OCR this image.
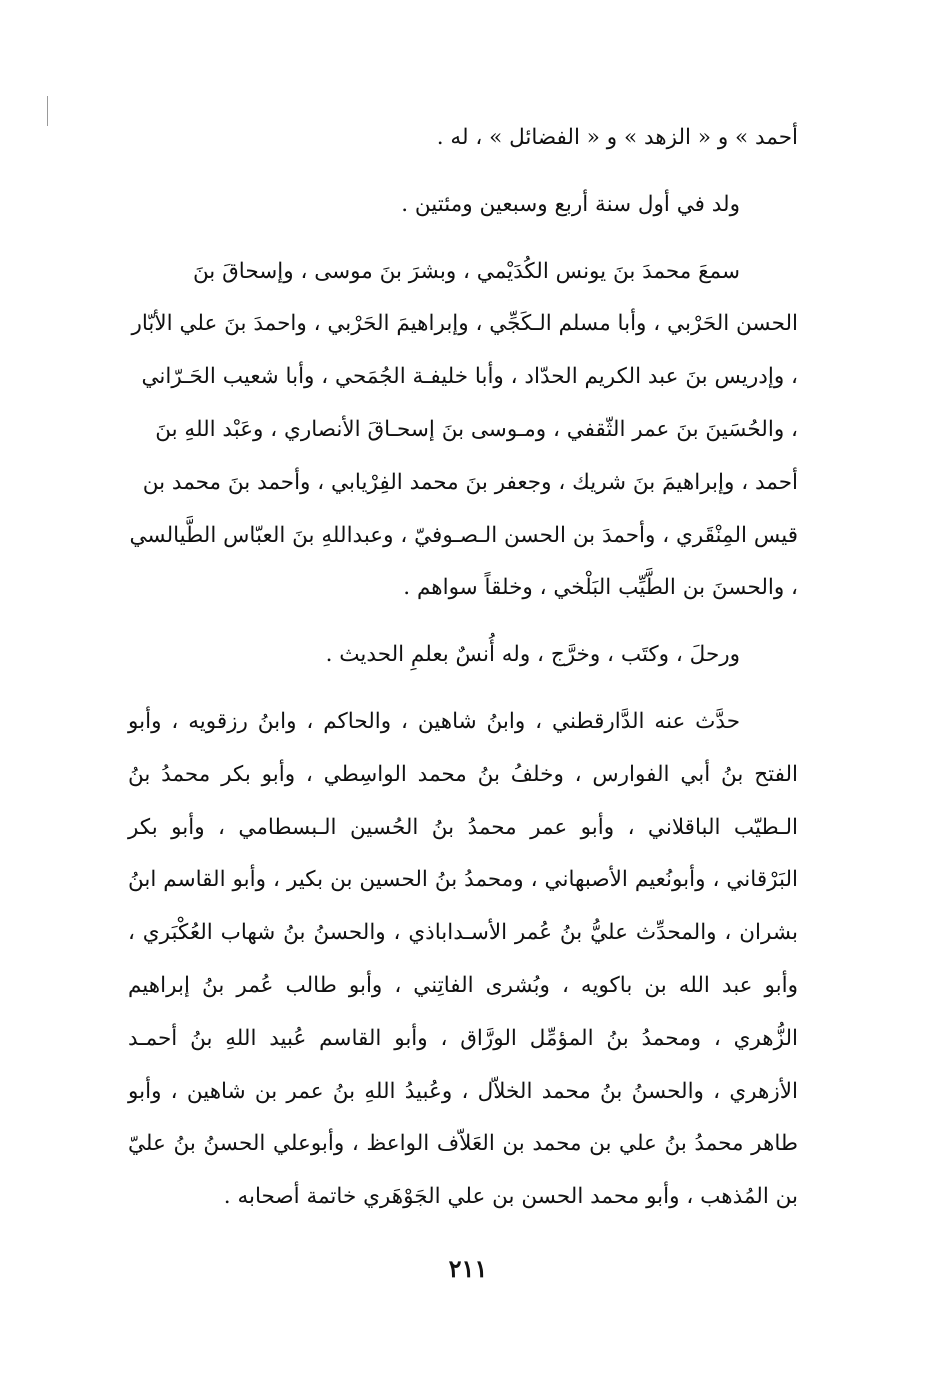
أحمد » و « الزهد » و « الفضائل » ، له .

ولد في أول سنة أربع وسبعين ومئتين .

سمعَ محمدَ بنَ يونس الكُدَيْمي ، وبشرَ بنَ موسى ، وإسحاقَ بنَ الحسن الحَرْبي ، وأبا مسلم الـكَجِّي ، وإبراهيمَ الحَرْبي ، واحمدَ بنَ علي الأبّار ، وإدريس بنَ عبد الكريم الحدّاد ، وأبا خليفـة الجُمَحي ، وأبا شعيب الحَـرّاني ، والحُسَينَ بنَ عمر الثّقفي ، ومـوسى بنَ إسحـاقَ الأنصاري ، وعَبْد اللهِ بنَ أحمد ، وإبراهيمَ بنَ شريك ، وجعفر بنَ محمد الفِرْيابي ، وأحمد بنَ محمد بن قيس المِنْقَري ، وأحمدَ بن الحسن الـصـوفيّ ، وعبداللهِ بنَ العبّاس الطَّيالسي ، والحسنَ بن الطَّيِّب البَلْخي ، وخلقاً سواهم .

ورحلَ ، وكتَب ، وخرَّج ، وله أُنسٌ بعلمِ الحديث .

حدَّث عنه الدَّارقطني ، وابنُ شاهين ، والحاكم ، وابنُ رزقويه ، وأبو الفتح بنُ أبي الفوارس ، وخلفُ بنُ محمد الواسِطي ، وأبو بكر محمدُ بنُ الـطيّب الباقلاني ، وأبو عمر محمدُ بنُ الحُسين الـبسطامي ، وأبو بكر البَرْقاني ، وأبونُعيم الأصبهاني ، ومحمدُ بنُ الحسين بن بكير ، وأبو القاسم ابنُ بشران ، والمحدِّث عليُّ بنُ عُمر الأسـداباذي ، والحسنُ بنُ شهاب العُكْبَري ، وأبو عبد الله بن باكويه ، وبُشرى الفاتِني ، وأبو طالب عُمر بنُ إبراهيم الزُّهري ، ومحمدُ بنُ المؤمِّل الورَّاق ، وأبو القاسم عُبيد اللهِ بنُ أحمـد الأزهري ، والحسنُ بنُ محمد الخلاّل ، وعُبيدُ اللهِ بنُ عمر بن شاهين ، وأبو طاهر محمدُ بنُ علي بن محمد بن العَلاّف الواعظ ، وأبوعلي الحسنُ بنُ عليّ بن المُذهب ، وأبو محمد الحسن بن علي الجَوْهَري خاتمة أصحابه .

٢١١
